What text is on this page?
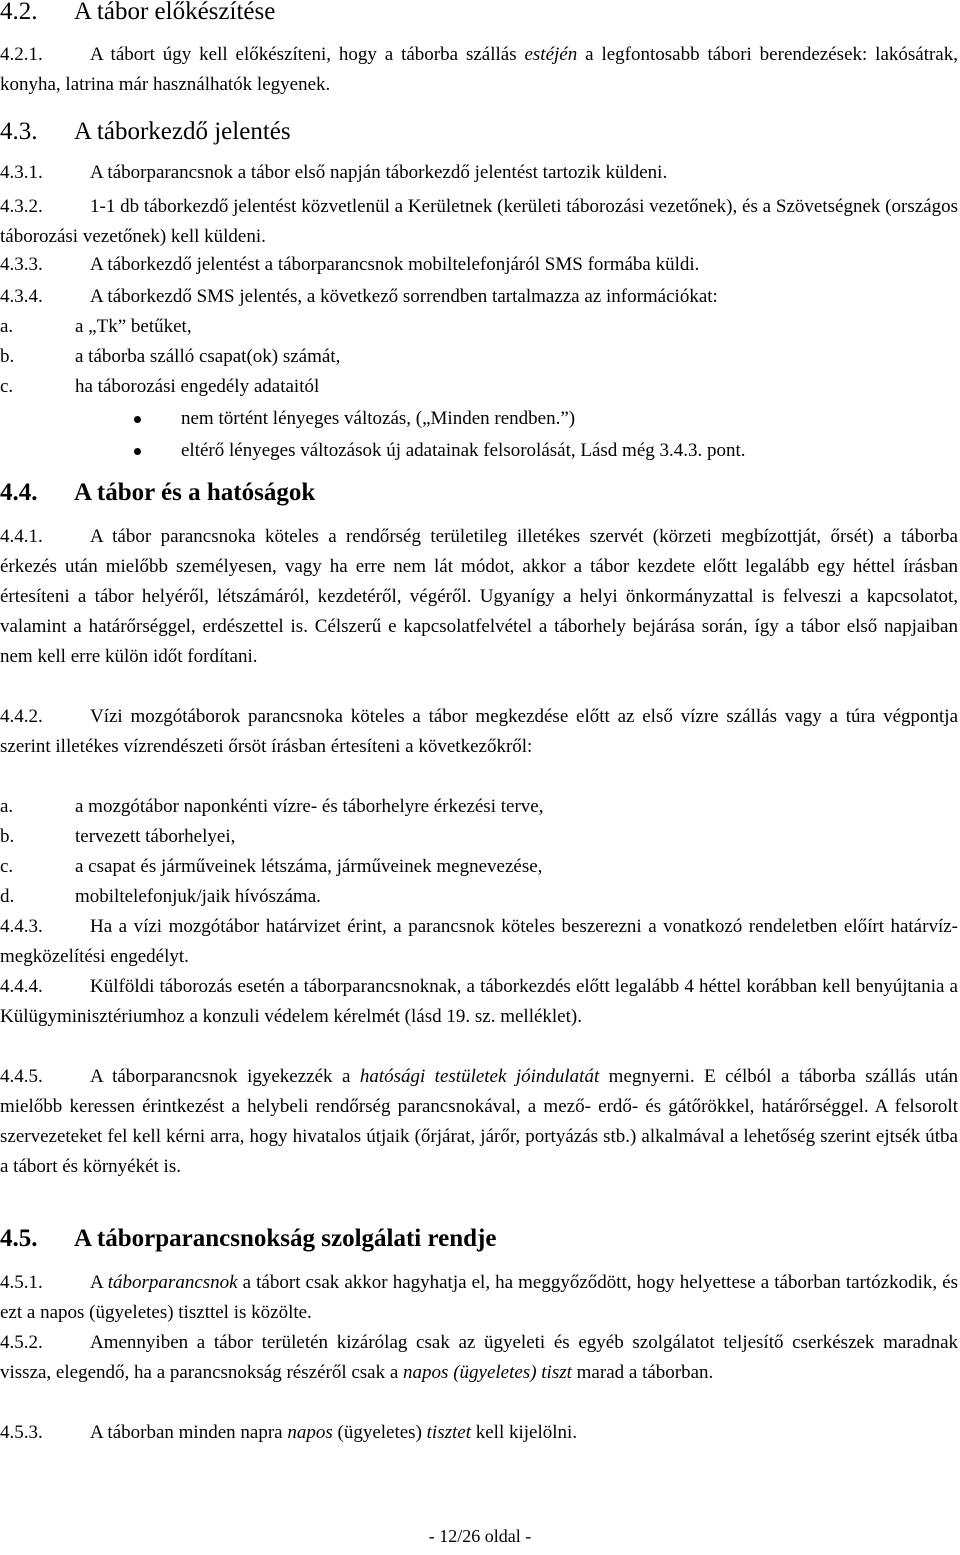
4.2. A tábor előkészítése

4.2.1. A tábort úgy kell előkészíteni, hogy a táborba szállás estéjén a legfontosabb tábori berendezések: lakósátrak, konyha, latrina már használhatók legyenek.

4.3. A táborkezdő jelentés

4.3.1. A táborparancsnok a tábor első napján táborkezdő jelentést tartozik küldeni.

4.3.2. 1-1 db táborkezdő jelentést közvetlenül a Kerületnek (kerületi táborozási vezetőnek), és a Szövetségnek (országos táborozási vezetőnek) kell küldeni.

4.3.3. A táborkezdő jelentést a táborparancsnok mobiltelefonjáról SMS formába küldi.

4.3.4. A táborkezdő SMS jelentés, a következő sorrendben tartalmazza az információkat:

a.	a „Tk” betűket,

b.	a táborba szálló csapat(ok) számát,

c.	ha táborozási engedély adataitól

nem történt lényeges változás, („Minden rendben.”)
eltérő lényeges változások új adatainak felsorolását, Lásd még 3.4.3. pont.
4.4. A tábor és a hatóságok

4.4.1. A tábor parancsnoka köteles a rendőrség területileg illetékes szervét (körzeti megbízottját, őrsét) a táborba érkezés után mielőbb személyesen, vagy ha erre nem lát módot, akkor a tábor kezdete előtt legalább egy héttel írásban értesíteni a tábor helyéről, létszámáról, kezdetéről, végéről. Ugyanígy a helyi önkormányzattal is felveszi a kapcsolatot, valamint a határőrséggel, erdészettel is. Célszerű e kapcsolatfelvétel a táborhely bejárása során, így a tábor első napjaiban nem kell erre külön időt fordítani.

4.4.2. Vízi mozgótáborok parancsnoka köteles a tábor megkezdése előtt az első vízre szállás vagy a túra végpontja szerint illetékes vízrendészeti őrsöt írásban értesíteni a következőkről:

a.	a mozgótábor naponkénti vízre- és táborhelyre érkezési terve,

b.	tervezett táborhelyei,

c.	a csapat és járműveinek létszáma, járműveinek megnevezése,

d.	mobiltelefonjuk/jaik hívószáma.

4.4.3. Ha a vízi mozgótábor határvizet érint, a parancsnok köteles beszerezni a vonatkozó rendeletben előírt határvíz-megközelítési engedélyt.

4.4.4. Külföldi táborozás esetén a táborparancsnoknak, a táborkezdés előtt legalább 4 héttel korábban kell benyújtania a Külügyminisztériumhoz a konzuli védelem kérelmét (lásd 19. sz. melléklet).

4.4.5. A táborparancsnok igyekezzék a hatósági testületek jóindulatát megnyerni. E célból a táborba szállás után mielőbb keressen érintkezést a helybeli rendőrség parancsnokával, a mező- erdő- és gátőrökkel, határőrséggel. A felsorolt szervezeteket fel kell kérni arra, hogy hivatalos útjaik (őrjárat, járőr, portyázás stb.) alkalmával a lehetőség szerint ejtsék útba a tábort és környékét is.

4.5. A táborparancsnokság szolgálati rendje

4.5.1. A táborparancsnok a tábort csak akkor hagyhatja el, ha meggyőződött, hogy helyettese a táborban tartózkodik, és ezt a napos (ügyeletes) tiszttel is közölte.

4.5.2. Amennyiben a tábor területén kizárólag csak az ügyeleti és egyéb szolgálatot teljesítő cserkészek maradnak vissza, elegendő, ha a parancsnokság részéről csak a napos (ügyeletes) tiszt marad a táborban.

4.5.3. A táborban minden napra napos (ügyeletes) tisztet kell kijelölni.

- 12/26 oldal -
